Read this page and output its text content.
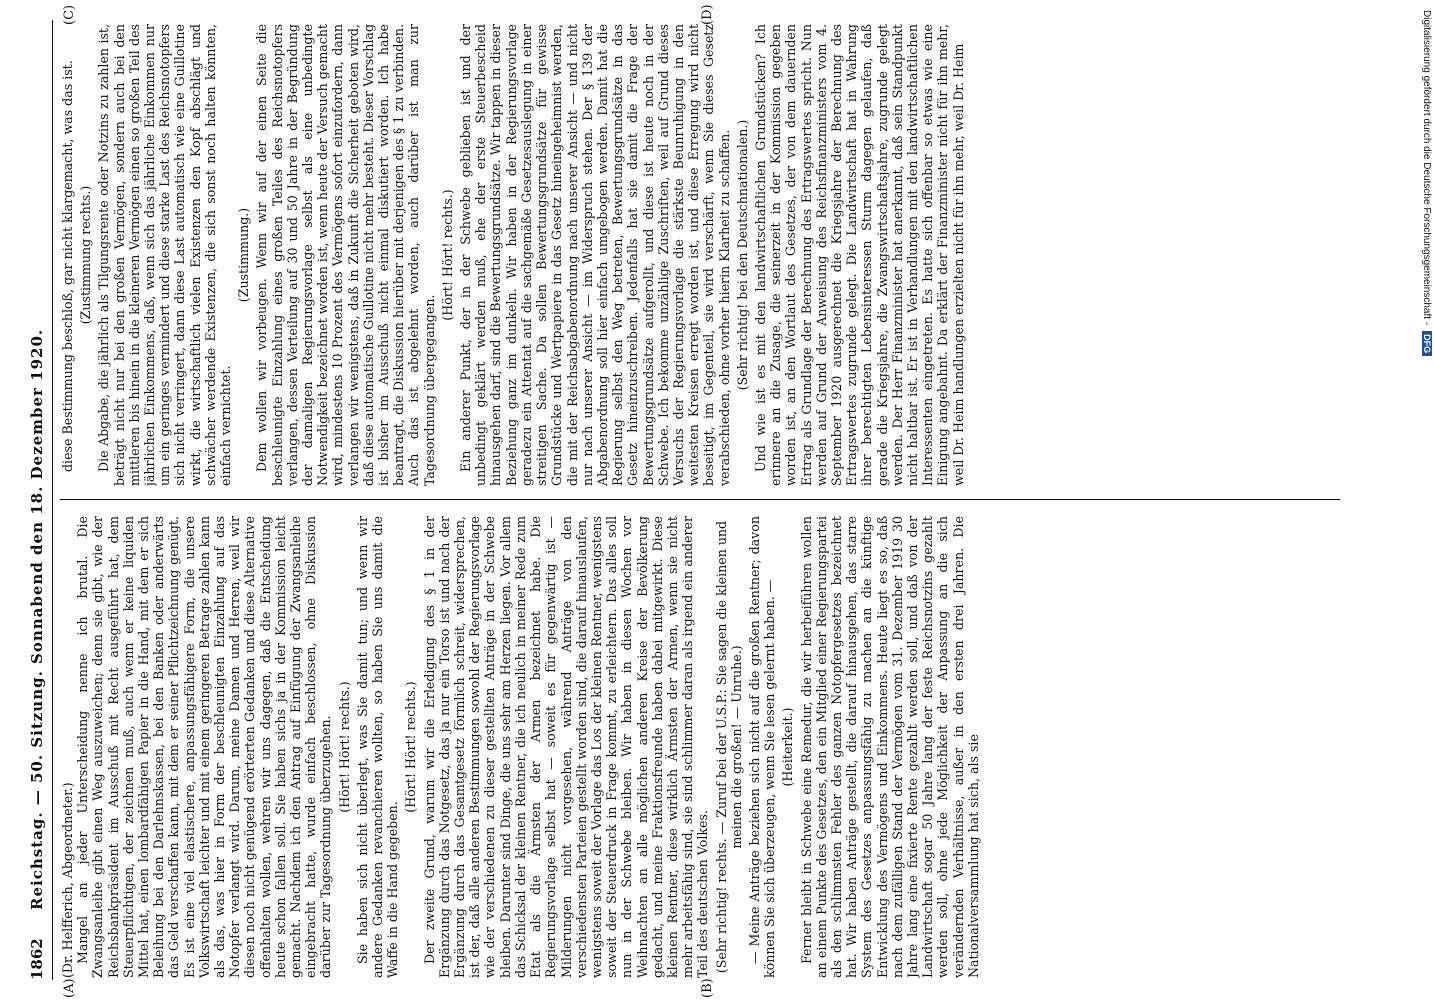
1862
Reichstag. — 50. Sitzung. Sonnabend den 18. Dezember 1920.
(A)	(B)
(C)	(D)
(Dr. Helfferich, Abgeordneter.) Mangel an jeder Unterscheidung nenne ich brutal. Die Zwangsanleihe gibt einen Weg auszuweichen; denn sie gibt, wie der Reichsbankpräsident im Ausschuß mit Recht ausgeführt hat, dem Steuerpflichtigen, der zeichnen muß, auch wenn er keine liquiden Mittel hat, einen lombardfähigen Papier in die Hand, mit dem er sich Beleihung bei den Darlehnskassen, bei den Banken oder anderwärts das Geld verschaffen kann, mit dem er seiner Pflichtzeichnung genügt. Es ist eine viel elastischere, anpassungsfähigere Form, die unsere Volkswirtschaft leichter und mit einem geringeren Betrage zahlen kann als das, was hier in Form der beschleunigten Einzahlung auf das Notopfer verlangt wird. Darum, meine Damen und Herren, weil wir diesen noch nicht genügend erörterten Gedanken und diese Alternative offenhalten wollen, wehren wir uns dagegen, daß die Entscheidung heute schon fallen soll. Sie haben sichs ja in der Kommission leicht gemacht. Nachdem ich den Antrag auf Einfügung der Zwangsanleihe eingebracht hatte, wurde einfach beschlossen, ohne Diskussion darüber zur Tagesordnung überzugehen. (Hört! Hört! rechts.) Sie haben sich nicht überlegt, was Sie damit tun; und wenn wir andere Gedanken revanchieren wollten, so haben Sie uns damit die Waffe in die Hand gegeben.

(Hört! Hört! rechts.) Der zweite Grund, warum wir die Erledigung des § 1 in der Ergänzung durch das Notgesetz, das ja nur ein Torso ist und nach der Ergänzung durch das Gesamtgesetz förmlich schreit, widersprechen, ist der, daß alle anderen Bestimmungen sowohl der Regierungsvorlage wie der verschiedenen zu dieser gestellten Anträge in der Schwebe bleiben. Darunter sind Dinge, die uns sehr am Herzen liegen. Vor allem das Schicksal der kleinen Rentner, die ich neulich in meiner Rede zum Etat als die Ärmsten der Armen bezeichnet habe. Die Regierungsvorlage selbst hat — soweit es für gegenwärtig ist — Milderungen nicht vorgesehen, während Anträge von den verschiedensten Parteien gestellt worden sind, die darauf hinauslaufen, wenigstens soweit der Vorlage das Los der kleinen Rentner, wenigstens soweit der Steuerdruck in Frage kommt, zu erleichtern. Das alles soll nun in der Schwebe bleiben. Wir haben in diesen Wochen vor Weihnachten an alle möglichen anderen Kreise der Bevölkerung gedacht, und meine Fraktionsfreunde haben dabei mitgewirkt. Diese kleinen Rentner, diese wirklich Ärmsten der Armen, wenn sie nicht mehr arbeitsfähig sind, sie sind schlimmer daran als irgend ein anderer Teil des deutschen Volkes. (Sehr richtig! rechts. — Zuruf bei der U.S.P.: Sie sagen die kleinen und meinen die großen! — Unruhe.) — Meine Anträge beziehen sich nicht auf die großen Rentner; davon können Sie sich überzeugen, wenn Sie lesen gelernt haben. — (Heiterkeit.) Ferner bleibt in Schwebe eine Remedur, die wir herbeiführen wollen an einem Punkte des Gesetzes, den ein Mitglied einer Regierungspartei als den schlimmsten Fehler des ganzen Notopfergesetzes bezeichnet hat. Wir haben Anträge gestellt, die darauf hinausgehen, das starre System des Gesetzes anpassungsfähig zu machen an die künftige Entwicklung des Vermögens und Einkommens. Heute liegt es so, daß nach dem zufälligen Stand der Vermögen vom 31. Dezember 1919 30 Jahre lang eine fixierte Rente gezahlt werden soll, und daß von der Landwirtschaft sogar 50 Jahre lang der feste Reichsnotzins gezahlt werden soll, ohne jede Möglichkeit der Anpassung an die sich verändernden Verhältnisse, außer in den ersten drei Jahren. Die Nationalversammlung hat sich, als sie

diese Bestimmung beschloß, gar nicht klargemacht, was das ist. (Zustimmung rechts.) Die Abgabe, die jährlich als Tilgungsrente oder Notzins zu zahlen ist, beträgt nicht nur bei den großen Vermögen, sondern auch bei den mittleren bis hinein in die kleineren Vermögen einen so großen Teil des jährlichen Einkommens, daß, wenn sich das jährliche Einkommen nur um ein geringes vermindert und diese starke Last des Reichsnotopfers sich nicht verringert, dann diese Last automatisch wie eine Guillotine wirkt, die wirtschaftlich vielen Existenzen den Kopf abschlägt und schwächer werdende Existenzen, die sich sonst noch halten könnten, einfach vernichtet.

(Zustimmung.) Dem wollen wir vorbeugen. Wenn wir auf der einen Seite die beschleunigte Einzahlung eines großen Teiles des Reichsnotopfers verlangen, dessen Verteilung auf 30 und 50 Jahre in der Begründung der damaligen Regierungsvorlage selbst als eine unbedingte Notwendigkeit bezeichnet worden ist, wenn heute der Versuch gemacht wird, mindestens 10 Prozent des Vermögens sofort einzufordern, dann verlangen wir wenigstens, daß in Zukunft die Sicherheit geboten wird, daß diese automatische Guillotine nicht mehr besteht. Dieser Vorschlag ist bisher im Ausschuß nicht einmal diskutiert worden. Ich habe beantragt, die Diskussion hierüber mit derjenigen des § 1 zu verbinden. Auch das ist abgelehnt worden, auch darüber ist man zur Tagesordnung übergegangen.

(Hört! Hört! rechts.) Ein anderer Punkt, der in der Schwebe geblieben ist und der unbedingt geklärt werden muß, ehe der erste Steuerbescheid hinausgehen darf, sind die Bewertungsgrundsätze. Wir tappen in dieser Beziehung ganz im dunkeln. Wir haben in der Regierungsvorlage geradezu ein Attentat auf die sachgemäße Gesetzesauslegung in einer streitigen Sache. Da sollen Bewertungsgrundsätze für gewisse Grundstücke und Wertpapiere in das Gesetz hineingeheimnist werden, die mit der Reichsabgabenordnung nach unserer Ansicht — und nicht nur nach unserer Ansicht — im Widerspruch stehen. Der § 139 der Abgabenordnung soll hier einfach umgebogen werden. Damit hat die Regierung selbst den Weg betreten, Bewertungsgrundsätze in das Gesetz hineinzuschreiben. Jedenfalls hat sie damit die Frage der Bewertungsgrundsätze aufgerollt, und diese ist heute noch in der Schwebe. Ich bekomme unzählige Zuschriften, weil auf Grund dieses Versuchs der Regierungsvorlage die stärkste Beunruhigung in den weitesten Kreisen erregt worden ist, und diese Erregung wird nicht beseitigt, im Gegenteil, sie wird verschärft, wenn Sie dieses Gesetz verabschieden, ohne vorher hierin Klarheit zu schaffen. (Sehr richtig! bei den Deutschnationalen.) Und wie ist es mit den landwirtschaftlichen Grundstücken? Ich erinnere an die Zusage, die seinerzeit in der Kommission gegeben worden ist, an den Wortlaut des Gesetzes, der von dem dauernden Ertrag als Grundlage der Berechnung des Ertragswertes spricht. Nun werden auf Grund der Anweisung des Reichsfinanzministers vom 4. September 1920 ausgerechnet die Kriegsjahre der Berechnung des Ertragswertes zugrunde gelegt. Die Landwirtschaft hat in Wahrung ihrer berechtigten Lebensinteressen Sturm dagegen gelaufen, daß gerade die Kriegsjahre, die Zwangswirtschaftsjahre, zugrunde gelegt werden. Der Herr Finanzminister hat anerkannt, daß sein Standpunkt nicht haltbar ist. Er ist in Verhandlungen mit den landwirtschaftlichen Interessenten eingetreten. Es hatte sich offenbar so etwas wie eine Einigung angebahnt. Da erklärt der Finanzminister nicht für ihn mehr, weil Dr. Heim handlungen erzielten nicht für ihn mehr, weil Dr. Heim	Digitalisierung gefördert durch die Deutsche Forschungsgemeinschaft -DFG
